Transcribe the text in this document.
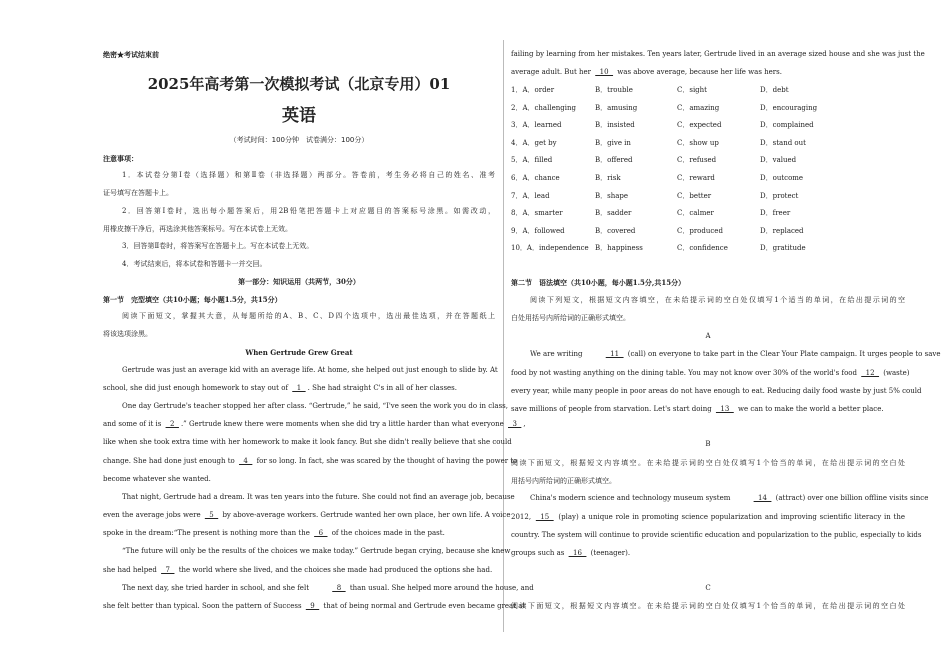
绝密★考试结束前
2025年高考第一次模拟考试（北京专用）01
英语
（考试时间：100分钟　试卷满分：100分）
注意事项：
1．本试卷分第Ⅰ卷（选择题）和第Ⅱ卷（非选择题）两部分。答卷前，考生务必将自己的姓名、准考
证号填写在答题卡上。
2．回答第Ⅰ卷时，选出每小题答案后，用2B铅笔把答题卡上对应题目的答案标号涂黑。如需改动，
用橡皮擦干净后，再选涂其他答案标号。写在本试卷上无效。
3．回答第Ⅱ卷时，将答案写在答题卡上。写在本试卷上无效。
4．考试结束后，将本试卷和答题卡一并交回。
第一部分：知识运用（共两节，30分）
第一节　完型填空（共10小题；每小题1.5分，共15分）
阅读下面短文，掌握其大意，从每题所给的A、B、C、D四个选项中，选出最佳选项，并在答题纸上
将该选项涂黑。
When Gertrude Grew Great
Gertrude was just an average kid with an average life. At home, she helped out just enough to slide by. At
school, she did just enough homework to stay out of   1  . She had straight C's in all of her classes.
One day Gertrude's teacher stopped her after class. “Gertrude,” he said, “I've seen the work you do in class,
and some of it is   2  .” Gertrude knew there were moments when she did try a little harder than what everyone   3  ,
like when she took extra time with her homework to make it look fancy. But she didn't really believe that she could
change. She had done just enough to   4   for so long. In fact, she was scared by the thought of having the power to
become whatever she wanted.
That night, Gertrude had a dream. It was ten years into the future. She could not find an average job, because
even the average jobs were   5   by above-average workers. Gertrude wanted her own place, her own life. A voice
spoke in the dream:“The present is nothing more than the   6   of the choices made in the past.
“The future will only be the results of the choices we make today.” Gertrude began crying, because she knew
she had helped   7   the world where she lived, and the choices she made had produced the options she had.
The next day, she tried harder in school, and she felt	8   than usual. She helped more around the house, and
she felt better than typical. Soon the pattern of Success   9   that of being normal and Gertrude even became great at
failing by learning from her mistakes. Ten years later, Gertrude lived in an average sized house and she was just the
average adult. But her   10   was above average, because her life was hers.
1．A．order	B．trouble	C．sight	D．debt
2．A．challenging	B．amusing	C．amazing	D．encouraging
3．A．learned	B．insisted	C．expected	D．complained
4．A．get by	B．give in	C．show up	D．stand out
5．A．filled	B．offered	C．refused	D．valued
6．A．chance	B．risk	C．reward	D．outcome
7．A．lead	B．shape	C．better	D．protect
8．A．smarter	B．sadder	C．calmer	D．freer
9．A．followed	B．covered	C．produced	D．replaced
10．A．independence B．happiness	C．confidence	D．gratitude
第二节　语法填空（共10小题，每小题1.5分,共15分）
阅读下列短文，根据短文内容填空，在未给提示词的空白处仅填写1个适当的单词，在给出提示词的空
白处用括号内所给词的正确形式填空。
A
We are writing	11   (call) on everyone to take part in the Clear Your Plate campaign. It urges people to save
food by not wasting anything on the dining table. You may not know over 30% of the world's food   12   (waste)
every year, while many people in poor areas do not have enough to eat. Reducing daily food waste by just 5% could
save millions of people from starvation. Let's start doing   13   we can to make the world a better place.
B
阅读下面短文，根据短文内容填空。在未给提示词的空白处仅填写1个恰当的单词，在给出提示词的空白处
用括号内所给词的正确形式填空。
China's modern science and technology museum system	14   (attract) over one billion offline visits since
2012,   15   (play) a unique role in promoting science popularization and improving scientific literacy in the
country. The system will continue to provide scientific education and popularization to the public, especially to kids
groups such as   16   (teenager).
C
阅读下面短文，根据短文内容填空。在未给提示词的空白处仅填写1个恰当的单词，在给出提示词的空白处
